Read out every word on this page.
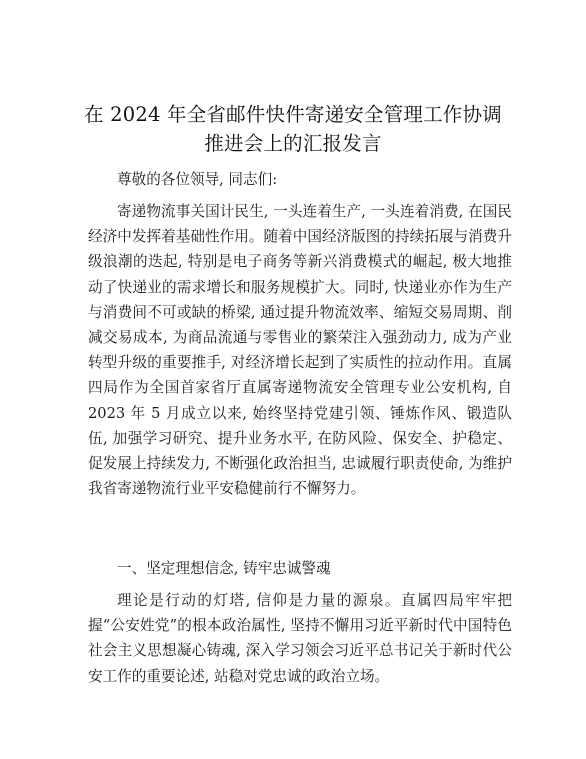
在 2024 年全省邮件快件寄递安全管理工作协调
推进会上的汇报发言

尊敬的各位领导, 同志们:

寄递物流事关国计民生, 一头连着生产, 一头连着消费, 在国民经济中发挥着基础性作用。随着中国经济版图的持续拓展与消费升级浪潮的迭起, 特别是电子商务等新兴消费模式的崛起, 极大地推动了快递业的需求增长和服务规模扩大。同时, 快递业亦作为生产与消费间不可或缺的桥梁, 通过提升物流效率、缩短交易周期、削减交易成本, 为商品流通与零售业的繁荣注入强劲动力, 成为产业转型升级的重要推手, 对经济增长起到了实质性的拉动作用。直属四局作为全国首家省厅直属寄递物流安全管理专业公安机构, 自 2023 年 5 月成立以来, 始终坚持党建引领、锤炼作风、锻造队伍, 加强学习研究、提升业务水平, 在防风险、保安全、护稳定、促发展上持续发力, 不断强化政治担当, 忠诚履行职责使命, 为维护我省寄递物流行业平安稳健前行不懈努力。

一、坚定理想信念, 铸牢忠诚警魂

理论是行动的灯塔, 信仰是力量的源泉。直属四局牢牢把握“公安姓党”的根本政治属性, 坚持不懈用习近平新时代中国特色社会主义思想凝心铸魂, 深入学习领会习近平总书记关于新时代公安工作的重要论述, 站稳对党忠诚的政治立场。
